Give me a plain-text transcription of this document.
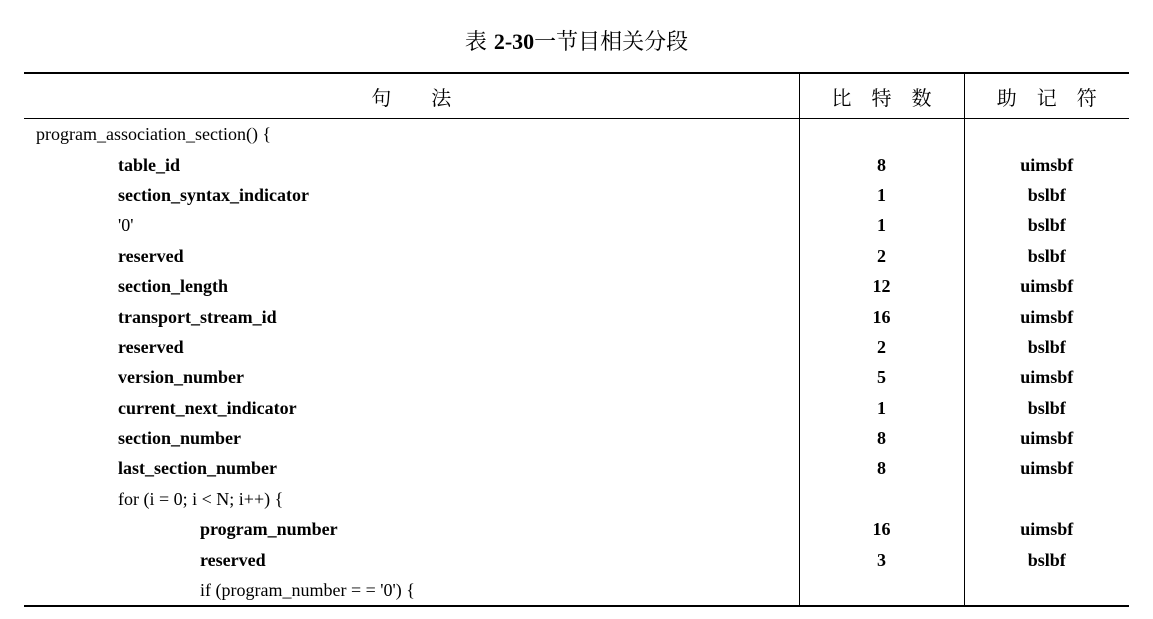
表 2-30一节目相关分段
句　　法	比　特　数	助　记　符
program_association_section() {		
table_id	8	uimsbf
section_syntax_indicator	1	bslbf
'0'	1	bslbf
reserved	2	bslbf
section_length	12	uimsbf
transport_stream_id	16	uimsbf
reserved	2	bslbf
version_number	5	uimsbf
current_next_indicator	1	bslbf
section_number	8	uimsbf
last_section_number	8	uimsbf
for (i = 0; i < N; i++) {		
program_number	16	uimsbf
reserved	3	bslbf
if (program_number = = '0') {		
